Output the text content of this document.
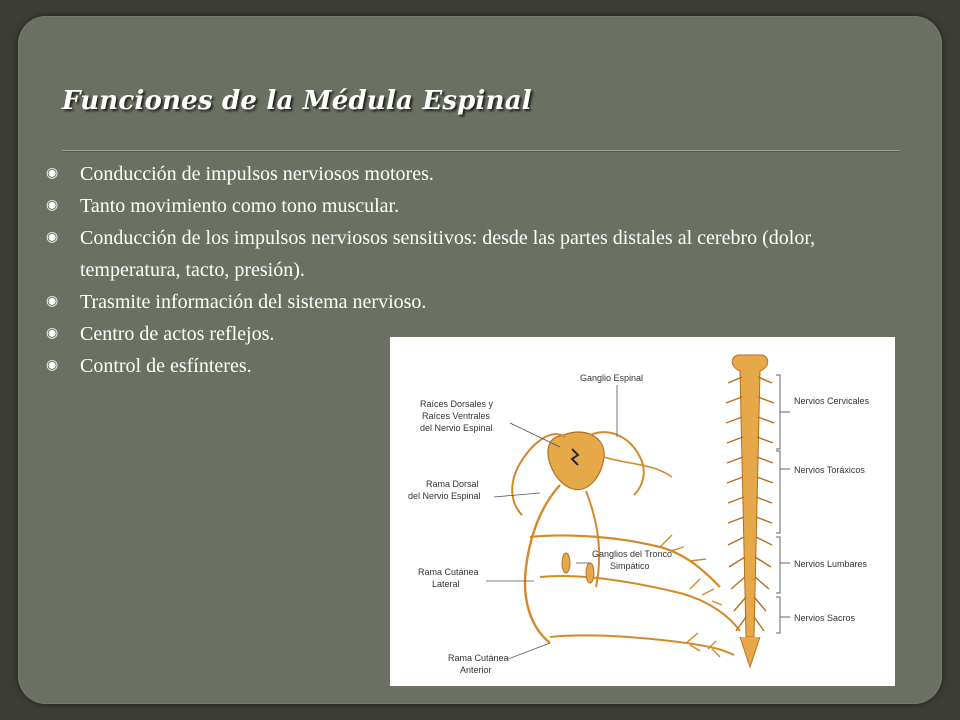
Funciones de la Médula Espinal
◉ Conducción de impulsos nerviosos motores.
◉ Tanto movimiento como tono muscular.
◉ Conducción de los impulsos nerviosos sensitivos: desde las partes distales al cerebro (dolor, temperatura, tacto, presión).
◉ Trasmite información del sistema nervioso.
◉ Centro de actos reflejos.
◉ Control de esfínteres.
Ganglio Espinal
Raíces Dorsales y
Raíces Ventrales
del Nervio Espinal
Rama Dorsal
del Nervio Espinal
Ganglios del Tronco
Simpático
Rama Cutánea
Lateral
Rama Cutánea
Anterior
Nervios Cervicales
Nervios Toráxicos
Nervios Lumbares
Nervios Sacros
